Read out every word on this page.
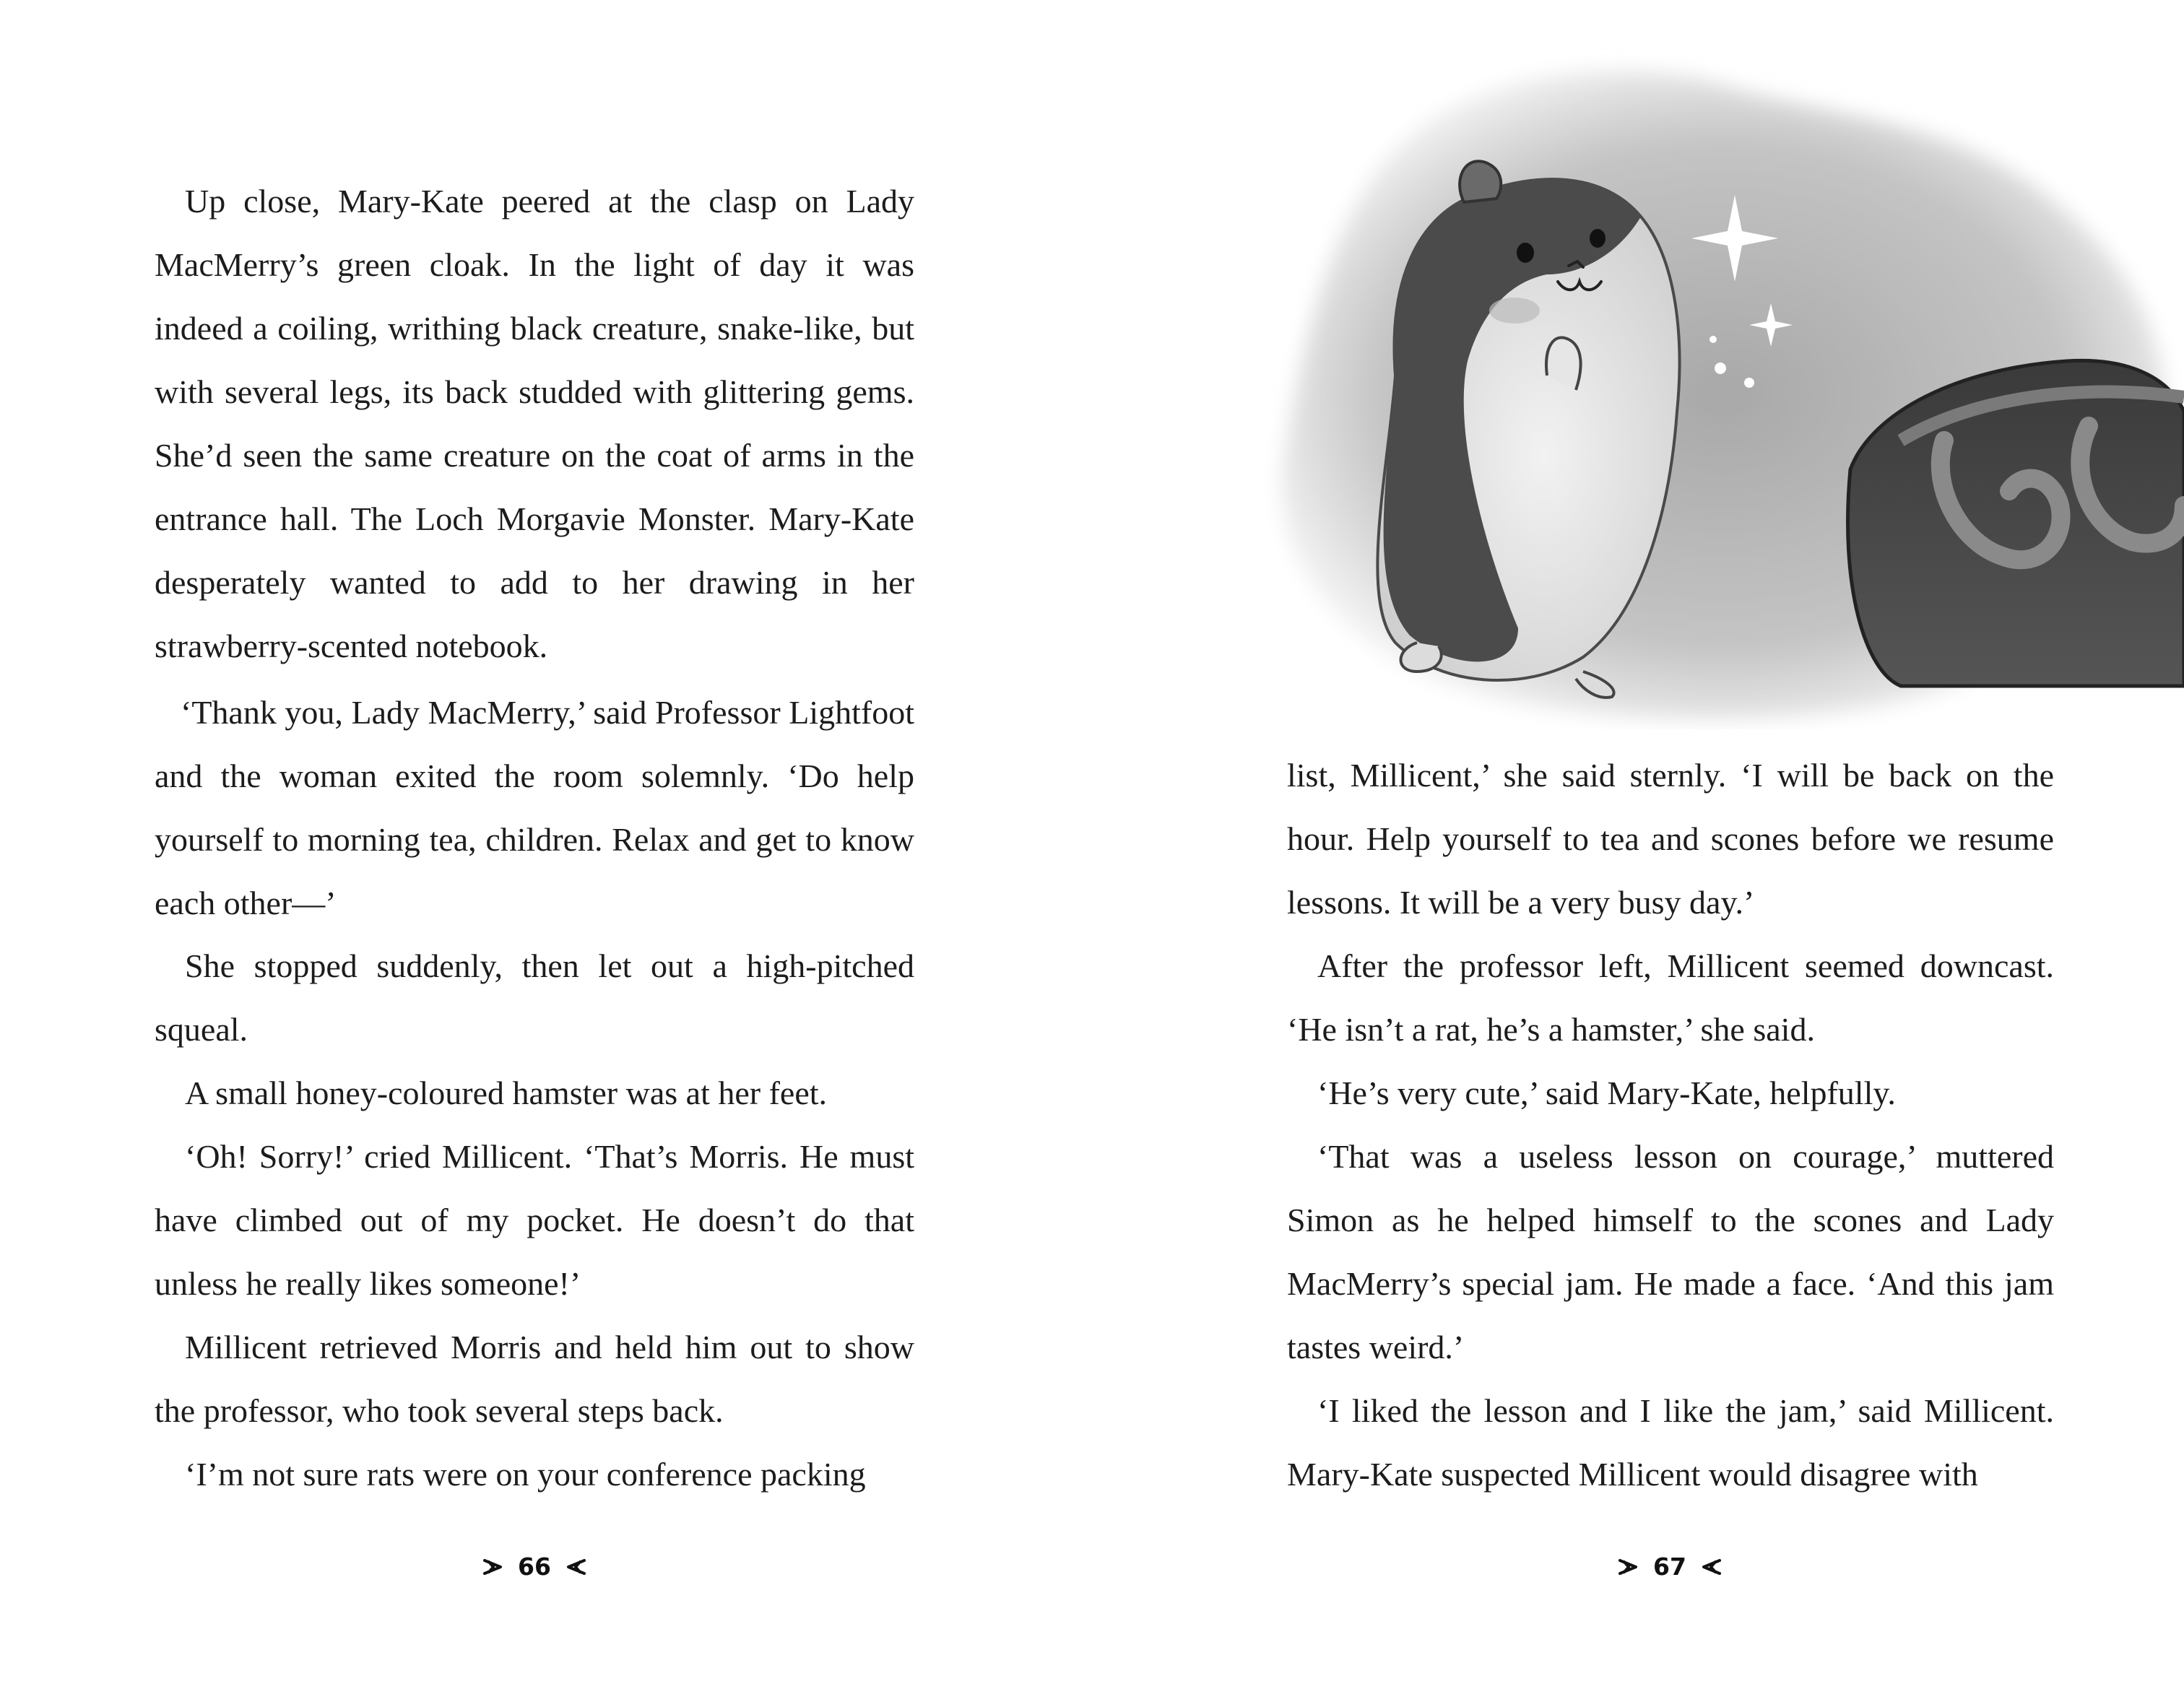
Up close, Mary-Kate peered at the clasp on Lady MacMerry’s green cloak. In the light of day it was indeed a coiling, writhing black creature, snake-like, but with several legs, its back studded with glittering gems. She’d seen the same creature on the coat of arms in the entrance hall. The Loch Morgavie Monster. Mary-Kate desperately wanted to add to her drawing in her strawberry-scented notebook.

‘Thank you, Lady MacMerry,’ said Professor Lightfoot and the woman exited the room solemnly. ‘Do help yourself to morning tea, children. Relax and get to know each other—’

She stopped suddenly, then let out a high-pitched squeal.

A small honey-coloured hamster was at her feet.

‘Oh! Sorry!’ cried Millicent. ‘That’s Morris. He must have climbed out of my pocket. He doesn’t do that unless he really likes someone!’

Millicent retrieved Morris and held him out to show the professor, who took several steps back.

‘I’m not sure rats were on your conference packing

66

list, Millicent,’ she said sternly. ‘I will be back on the hour. Help yourself to tea and scones before we resume lessons. It will be a very busy day.’

After the professor left, Millicent seemed downcast. ‘He isn’t a rat, he’s a hamster,’ she said.

‘He’s very cute,’ said Mary-Kate, helpfully.

‘That was a useless lesson on courage,’ muttered Simon as he helped himself to the scones and Lady MacMerry’s special jam. He made a face. ‘And this jam tastes weird.’

‘I liked the lesson and I like the jam,’ said Millicent. Mary-Kate suspected Millicent would disagree with

67
